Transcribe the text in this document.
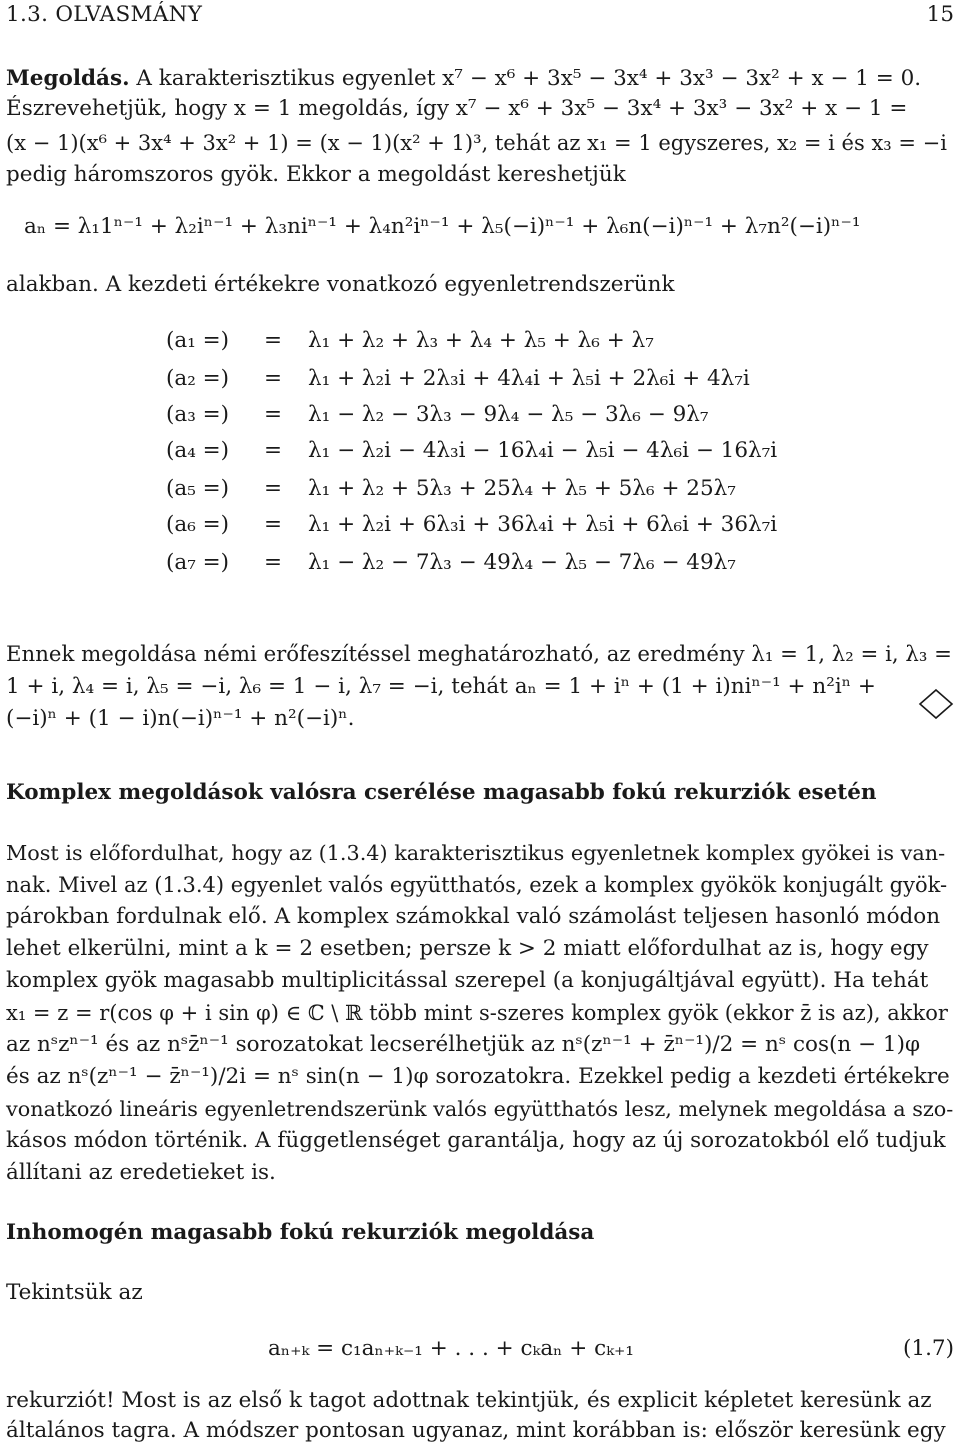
1.3. OLVASMÁNY	15
Megoldás. A karakterisztikus egyenlet x⁷ − x⁶ + 3x⁵ − 3x⁴ + 3x³ − 3x² + x − 1 = 0.
Észrevehetjük, hogy x = 1 megoldás, így x⁷ − x⁶ + 3x⁵ − 3x⁴ + 3x³ − 3x² + x − 1 =
(x − 1)(x⁶ + 3x⁴ + 3x² + 1) = (x − 1)(x² + 1)³, tehát az x₁ = 1 egyszeres, x₂ = i és x₃ = −i
pedig háromszoros gyök. Ekkor a megoldást kereshetjük
aₙ = λ₁1ⁿ⁻¹ + λ₂iⁿ⁻¹ + λ₃niⁿ⁻¹ + λ₄n²iⁿ⁻¹ + λ₅(−i)ⁿ⁻¹ + λ₆n(−i)ⁿ⁻¹ + λ₇n²(−i)ⁿ⁻¹
alakban. A kezdeti értékekre vonatkozó egyenletrendszerünk
(a₁ =) = λ₁ + λ₂ + λ₃ + λ₄ + λ₅ + λ₆ + λ₇
(a₂ =) = λ₁ + λ₂i + 2λ₃i + 4λ₄i + λ₅i + 2λ₆i + 4λ₇i
(a₃ =) = λ₁ − λ₂ − 3λ₃ − 9λ₄ − λ₅ − 3λ₆ − 9λ₇
(a₄ =) = λ₁ − λ₂i − 4λ₃i − 16λ₄i − λ₅i − 4λ₆i − 16λ₇i
(a₅ =) = λ₁ + λ₂ + 5λ₃ + 25λ₄ + λ₅ + 5λ₆ + 25λ₇
(a₆ =) = λ₁ + λ₂i + 6λ₃i + 36λ₄i + λ₅i + 6λ₆i + 36λ₇i
(a₇ =) = λ₁ − λ₂ − 7λ₃ − 49λ₄ − λ₅ − 7λ₆ − 49λ₇
Ennek megoldása némi erőfeszítéssel meghatározható, az eredmény λ₁ = 1, λ₂ = i, λ₃ =
1 + i, λ₄ = i, λ₅ = −i, λ₆ = 1 − i, λ₇ = −i, tehát aₙ = 1 + iⁿ + (1 + i)niⁿ⁻¹ + n²iⁿ +
(−i)ⁿ + (1 − i)n(−i)ⁿ⁻¹ + n²(−i)ⁿ.
Komplex megoldások valósra cserélése magasabb fokú rekurziók esetén
Most is előfordulhat, hogy az (1.3.4) karakterisztikus egyenletnek komplex gyökei is van-
nak. Mivel az (1.3.4) egyenlet valós együtthatós, ezek a komplex gyökök konjugált gyök-
párokban fordulnak elő. A komplex számokkal való számolást teljesen hasonló módon
lehet elkerülni, mint a k = 2 esetben; persze k > 2 miatt előfordulhat az is, hogy egy
komplex gyök magasabb multiplicitással szerepel (a konjugáltjával együtt). Ha tehát
x₁ = z = r(cos φ + i sin φ) ∈ ℂ \ ℝ több mint s-szeres komplex gyök (ekkor z̄ is az), akkor
az nˢzⁿ⁻¹ és az nˢz̄ⁿ⁻¹ sorozatokat lecserélhetjük az nˢ(zⁿ⁻¹ + z̄ⁿ⁻¹)/2 = nˢ cos(n − 1)φ
és az nˢ(zⁿ⁻¹ − z̄ⁿ⁻¹)/2i = nˢ sin(n − 1)φ sorozatokra. Ezekkel pedig a kezdeti értékekre
vonatkozó lineáris egyenletrendszerünk valós együtthatós lesz, melynek megoldása a szo-
kásos módon történik. A függetlenséget garantálja, hogy az új sorozatokból elő tudjuk
állítani az eredetieket is.
Inhomogén magasabb fokú rekurziók megoldása
Tekintsük az
aₙ₊ₖ = c₁aₙ₊ₖ₋₁ + . . . + cₖaₙ + cₖ₊₁	(1.7)
rekurziót! Most is az első k tagot adottnak tekintjük, és explicit képletet keresünk az
általános tagra. A módszer pontosan ugyanaz, mint korábban is: először keresünk egy
